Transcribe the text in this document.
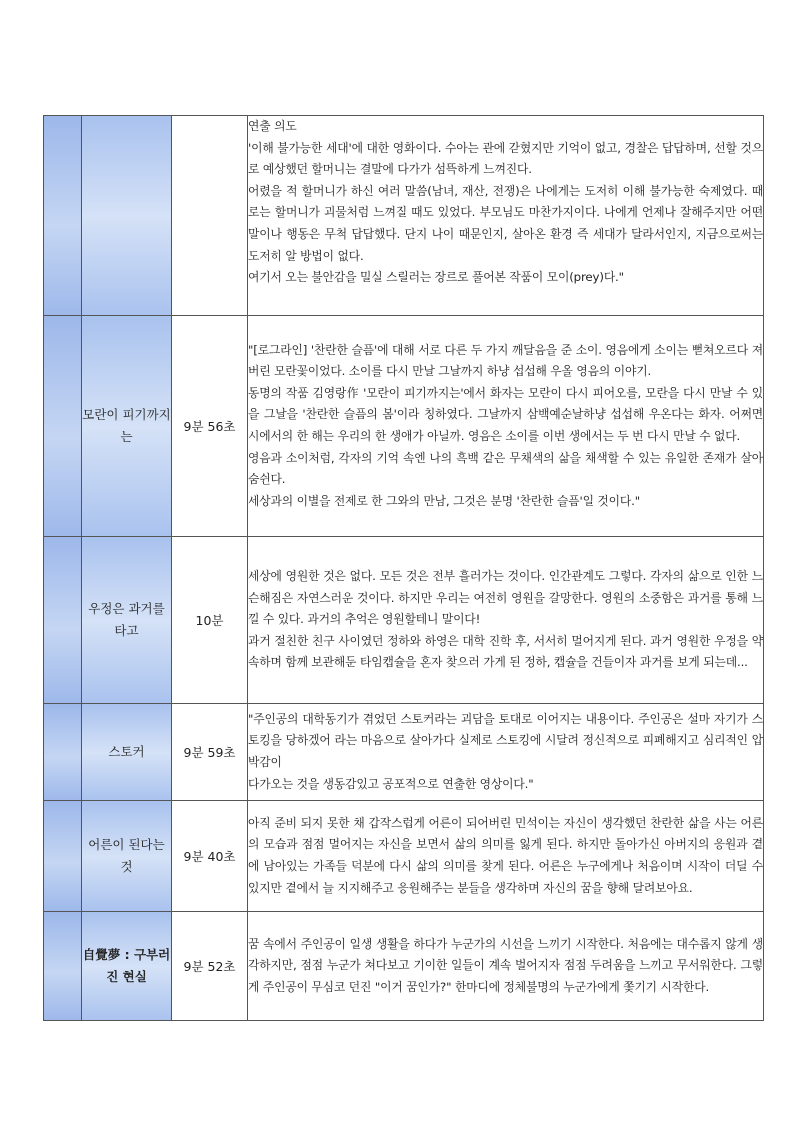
			연출 의도
'이해 불가능한 세대'에 대한 영화이다. 수아는 관에 갇혔지만 기억이 없고, 경찰은 답답하며, 선할 것으로 예상했던 할머니는 결말에 다가가 섬뜩하게 느껴진다.
어렸을 적 할머니가 하신 여러 말씀(남녀, 재산, 전쟁)은 나에게는 도저히 이해 불가능한 숙제였다. 때로는 할머니가 괴물처럼 느껴질 때도 있었다. 부모님도 마찬가지이다. 나에게 언제나 잘해주지만 어떤 말이나 행동은 무척 답답했다. 단지 나이 때문인지, 살아온 환경 즉 세대가 달라서인지, 지금으로써는 도저히 알 방법이 없다.
여기서 오는 불안감을 밀실 스릴러는 장르로 풀어본 작품이 모이(prey)다."

	모란이 피기까지는	9분 56초	"[로그라인] '찬란한 슬픔'에 대해 서로 다른 두 가지 깨달음을 준 소이. 영음에게 소이는 뻗쳐오르다 져버린 모란꽃이었다. 소이를 다시 만날 그날까지 하냥 섭섭해 우올 영음의 이야기.
동명의 작품 김영랑作 '모란이 피기까지는'에서 화자는 모란이 다시 피어오를, 모란을 다시 만날 수 있을 그날을 '찬란한 슬픔의 봄'이라 칭하였다. 그날까지 삼백예순날하냥 섭섭해 우온다는 화자. 어쩌면 시에서의 한 해는 우리의 한 생애가 아닐까. 영음은 소이를 이번 생에서는 두 번 다시 만날 수 없다.
영음과 소이처럼, 각자의 기억 속엔 나의 흑백 같은 무채색의 삶을 채색할 수 있는 유일한 존재가 살아 숨쉰다.
세상과의 이별을 전제로 한 그와의 만남, 그것은 분명 '찬란한 슬픔'일 것이다."

	우정은 과거를 타고	10분	세상에 영원한 것은 없다. 모든 것은 전부 흘러가는 것이다. 인간관계도 그렇다. 각자의 삶으로 인한 느슨해짐은 자연스러운 것이다. 하지만 우리는 여전히 영원을 갈망한다. 영원의 소중함은 과거를 통해 느낄 수 있다. 과거의 추억은 영원할테니 말이다!
과거 절친한 친구 사이였던 정하와 하영은 대학 진학 후, 서서히 멀어지게 된다. 과거 영원한 우정을 약속하며 함께 보관해둔 타임캡슐을 혼자 찾으러 가게 된 정하, 캡슐을 건들이자 과거를 보게 되는데...

	스토커	9분 59초	"주인공의 대학동기가 겪었던 스토커라는 괴담을 토대로 이어지는 내용이다. 주인공은 설마 자기가 스토킹을 당하겠어 라는 마음으로 살아가다 실제로 스토킹에 시달려 정신적으로 피폐해지고 심리적인 압박감이
다가오는 것을 생동감있고 공포적으로 연출한 영상이다."

	어른이 된다는 것	9분 40초	아직 준비 되지 못한 채 갑작스럽게 어른이 되어버린 민석이는 자신이 생각했던 찬란한 삶을 사는 어른의 모습과 점점 멀어지는 자신을 보면서 삶의 의미를 잃게 된다. 하지만 돌아가신 아버지의 응원과 곁에 남아있는 가족들 덕분에 다시 삶의 의미를 찾게 된다. 어른은 누구에게나 처음이며 시작이 더딜 수 있지만 곁에서 늘 지지해주고 응원해주는 분들을 생각하며 자신의 꿈을 향해 달려보아요.

	自覺夢 : 구부러진 현실	9분 52초	꿈 속에서 주인공이 일생 생활을 하다가 누군가의 시선을 느끼기 시작한다. 처음에는 대수롭지 않게 생각하지만, 점점 누군가 쳐다보고 기이한 일들이 계속 벌어지자 점점 두려움을 느끼고 무서워한다. 그렇게 주인공이 무심코 던진 "이거 꿈인가?" 한마디에 정체불명의 누군가에게 쫓기기 시작한다.
